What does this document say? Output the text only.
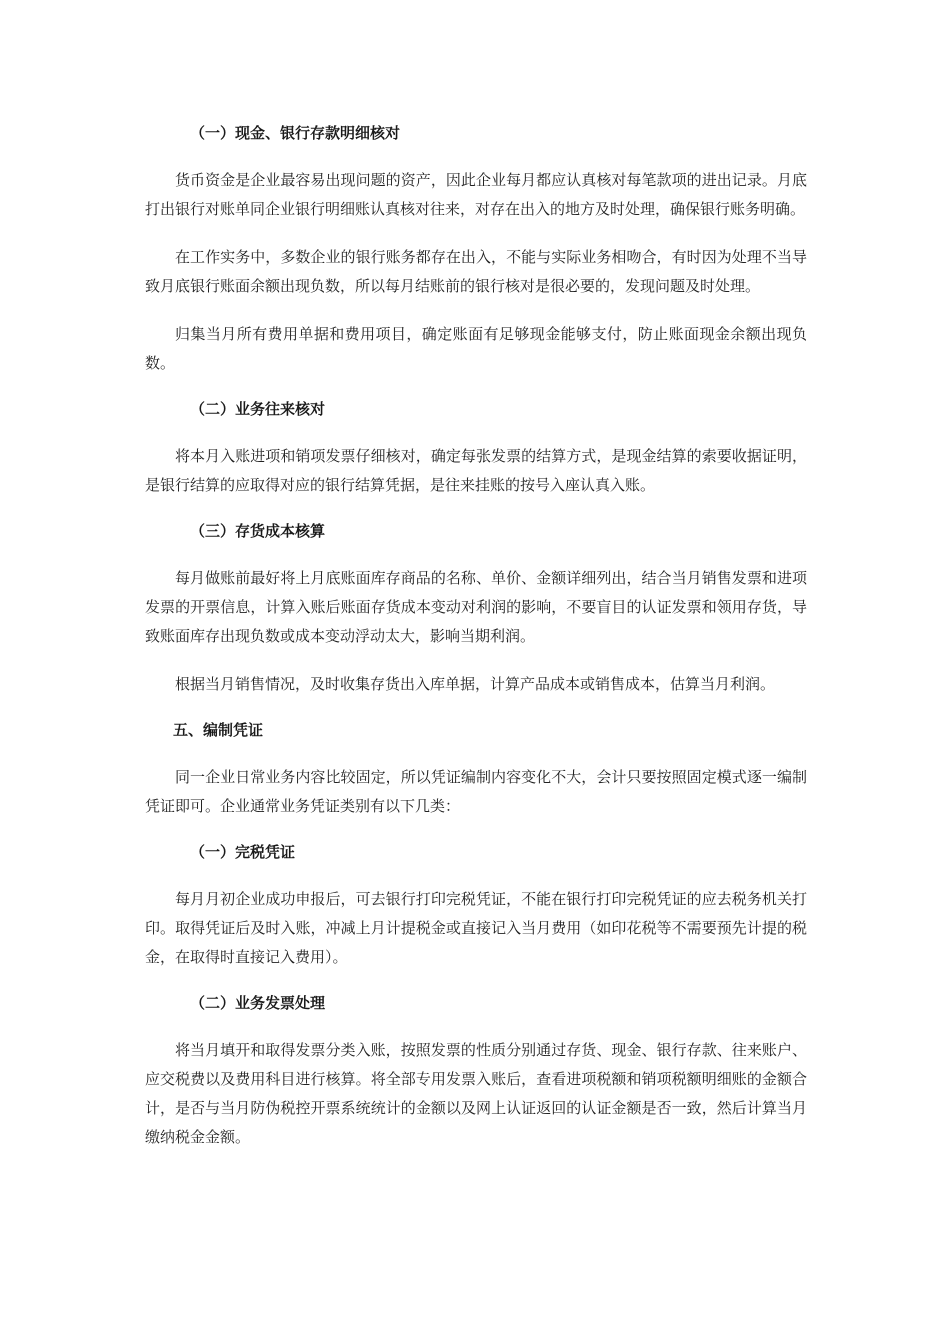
（一）现金、银行存款明细核对

货币资金是企业最容易出现问题的资产，因此企业每月都应认真核对每笔款项的进出记录。月底打出银行对账单同企业银行明细账认真核对往来，对存在出入的地方及时处理，确保银行账务明确。

在工作实务中，多数企业的银行账务都存在出入，不能与实际业务相吻合，有时因为处理不当导致月底银行账面余额出现负数，所以每月结账前的银行核对是很必要的，发现问题及时处理。

归集当月所有费用单据和费用项目，确定账面有足够现金能够支付，防止账面现金余额出现负数。

（二）业务往来核对

将本月入账进项和销项发票仔细核对，确定每张发票的结算方式，是现金结算的索要收据证明，是银行结算的应取得对应的银行结算凭据，是往来挂账的按号入座认真入账。

（三）存货成本核算

每月做账前最好将上月底账面库存商品的名称、单价、金额详细列出，结合当月销售发票和进项发票的开票信息，计算入账后账面存货成本变动对利润的影响，不要盲目的认证发票和领用存货，导致账面库存出现负数或成本变动浮动太大，影响当期利润。

根据当月销售情况，及时收集存货出入库单据，计算产品成本或销售成本，估算当月利润。

五、编制凭证

同一企业日常业务内容比较固定，所以凭证编制内容变化不大，会计只要按照固定模式逐一编制凭证即可。企业通常业务凭证类别有以下几类：

（一）完税凭证

每月月初企业成功申报后，可去银行打印完税凭证，不能在银行打印完税凭证的应去税务机关打印。取得凭证后及时入账，冲减上月计提税金或直接记入当月费用（如印花税等不需要预先计提的税金，在取得时直接记入费用）。

（二）业务发票处理

将当月填开和取得发票分类入账，按照发票的性质分别通过存货、现金、银行存款、往来账户、应交税费以及费用科目进行核算。将全部专用发票入账后，查看进项税额和销项税额明细账的金额合计，是否与当月防伪税控开票系统统计的金额以及网上认证返回的认证金额是否一致，然后计算当月缴纳税金金额。
